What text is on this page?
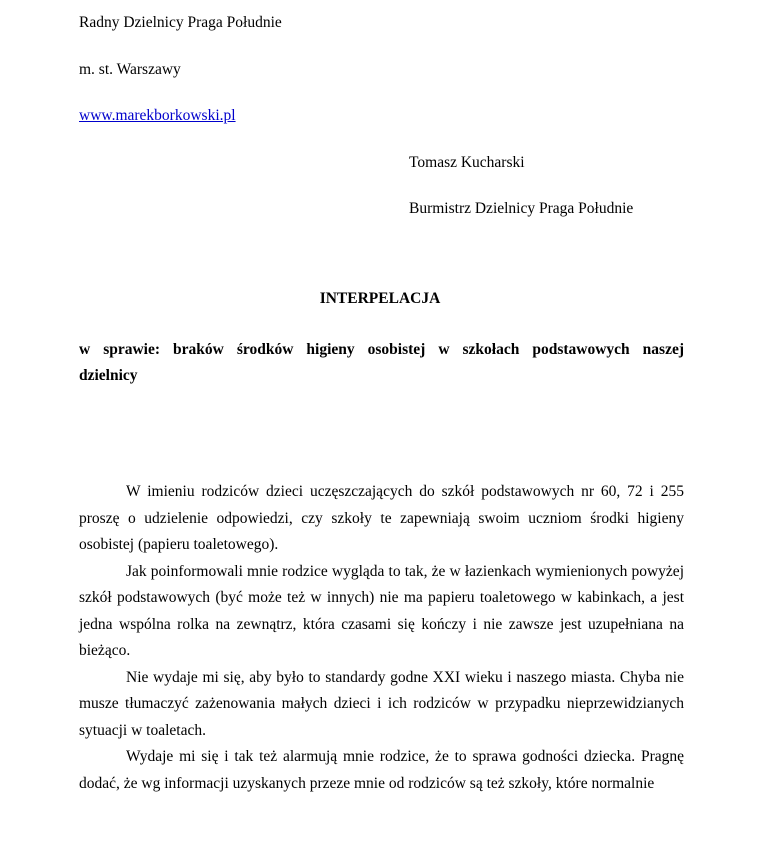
Radny Dzielnicy Praga Południe
m. st. Warszawy
www.marekborkowski.pl
Tomasz Kucharski
Burmistrz Dzielnicy Praga Południe
INTERPELACJA
w sprawie: braków środków higieny osobistej w szkołach podstawowych naszej dzielnicy

W imieniu rodziców dzieci uczęszczających do szkół podstawowych nr 60, 72 i 255 proszę o udzielenie odpowiedzi, czy szkoły te zapewniają swoim uczniom środki higieny osobistej (papieru toaletowego).

Jak poinformowali mnie rodzice wygląda to tak, że w łazienkach wymienionych powyżej szkół podstawowych (być może też w innych) nie ma papieru toaletowego w kabinkach, a jest jedna wspólna rolka na zewnątrz, która czasami się kończy i nie zawsze jest uzupełniana na bieżąco.

Nie wydaje mi się, aby było to standardy godne XXI wieku i naszego miasta. Chyba nie musze tłumaczyć zażenowania małych dzieci i ich rodziców w przypadku nieprzewidzianych sytuacji w toaletach.

Wydaje mi się i tak też alarmują mnie rodzice, że to sprawa godności dziecka. Pragnę dodać, że wg informacji uzyskanych przeze mnie od rodziców są też szkoły, które normalnie
